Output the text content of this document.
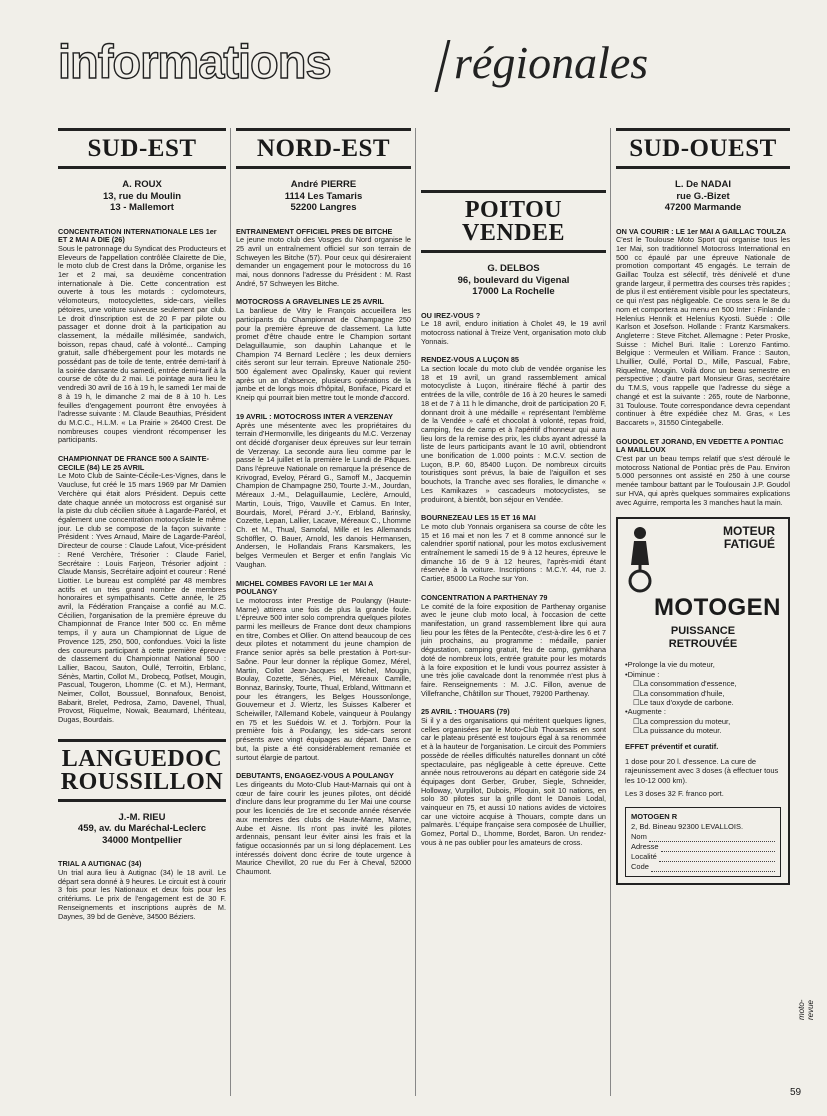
informations	régionales
SUD-EST
A. ROUX
13, rue du Moulin
13 - Mallemort
CONCENTRATION INTERNATIONALE LES 1er ET 2 MAI A DIE (26)
Sous le patronnage du Syndicat des Producteurs et Eleveurs de l'appellation contrôlée Clairette de Die, le moto club de Crest dans la Drôme, organise les 1er et 2 mai, sa deuxième concentration internationale à Die. Cette concentration est ouverte à tous les motards : cyclomoteurs, vélomoteurs, motocyclettes, side-cars, vieilles pétoires, une voiture suiveuse seulement par club. Le droit d'inscription est de 20 F par pilote ou passager et donne droit à la participation au classement, la médaille millésimée, sandwich, boisson, repas chaud, café à volonté... Camping gratuit, salle d'hébergement pour les motards ne possédant pas de toile de tente, entrée demi-tarif à la soirée dansante du samedi, entrée demi-tarif à la course de côte du 2 mai. Le pointage aura lieu le vendredi 30 avril de 16 à 19 h, le samedi 1er mai de 8 à 19 h, le dimanche 2 mai de 8 à 10 h. Les feuilles d'engagement pourront être envoyées à l'adresse suivante : M. Claude Beauthias, Président du M.C.C., H.L.M. « La Prairie » 26400 Crest. De nombreuses coupes viendront récompenser les participants.
CHAMPIONNAT DE FRANCE 500 A SAINTE-CECILE (84) LE 25 AVRIL
Le Moto Club de Sainte-Cécile-Les-Vignes, dans le Vaucluse, fut créé le 15 mars 1969 par Mr Damien Verchère qui était alors Président. Depuis cette date chaque année un motocross est organisé sur la piste du club cécilien située à Lagarde-Paréol, et également une concentration motocycliste le même jour. Le club se compose de la façon suivante : Président : Yves Arnaud, Maire de Lagarde-Paréol, Directeur de course : Claude Lafout, Vice-président : René Verchère, Trésorier : Claude Fariel, Secrétaire : Louis Farjeon, Trésorier adjoint : Claude Mansis, Secrétaire adjoint et coureur : René Liottier. Le bureau est complété par 48 membres actifs et un très grand nombre de membres honoraires et sympathisants. Cette année, le 25 avril, la Fédération Française a confié au M.C. Cécilien, l'organisation de la première épreuve du Championnat de France Inter 500 cc. En même temps, il y aura un Championnat de Ligue de Provence 125, 250, 500, confondues. Voici la liste des coureurs participant à cette première épreuve de classement du Championnat National 500 : Lallier, Bacou, Sauton, Oullé, Terroitin, Erblanc, Sénès, Martin, Collot M., Drobecq, Potlset, Mougin, Pascual, Tougeron, Lhomme (C. et M.), Hermant, Neimer, Collot, Boussuel, Bonnafoux, Benoist, Babarit, Brelet, Pedrosa, Zamo, Davenel, Thual, Provost, Riquelme, Nowak, Beaumard, Lhériteau, Dugas, Bourdais.
LANGUEDOC ROUSSILLON
J.-M. RIEU
459, av. du Maréchal-Leclerc
34000 Montpellier
TRIAL A AUTIGNAC (34)
Un trial aura lieu à Autignac (34) le 18 avril. Le départ sera donné à 9 heures. Le circuit est à courir 3 fois pour les Nationaux et deux fois pour les critériums. Le prix de l'engagement est de 30 F. Renseignements et inscriptions auprès de M. Daynes, 39 bd de Genève, 34500 Béziers.
NORD-EST
André PIERRE
1114 Les Tamaris
52200 Langres
ENTRAINEMENT OFFICIEL PRES DE BITCHE
Le jeune moto club des Vosges du Nord organise le 25 avril un entraînement officiel sur son terrain de Schweyen les Bitche (57). Pour ceux qui désireraient demander un engagement pour le motocross du 16 mai, nous donnons l'adresse du Président : M. Rast André, 57 Schweyen les Bitche.
MOTOCROSS A GRAVELINES LE 25 AVRIL
La banlieue de Vitry le François accueillera les participants du Championnat de Champagne 250 pour la première épreuve de classement. La lutte promet d'être chaude entre le Champion sortant Delaguillaumie, son dauphin Lahanque et le Champion 74 Bernard Leclère ; les deux derniers cités seront sur leur terrain. Epreuve Nationale 250-500 également avec Opalinsky, Kauer qui revient après un an d'absence, plusieurs opérations de la jambe et de longs mois d'hôpital, Boniface, Picard et Kneip qui pourrait bien mettre tout le monde d'accord.
19 AVRIL : MOTOCROSS INTER A VERZENAY
Après une mésentente avec les propriétaires du terrain d'Hermonville, les dirigeants du M.C. Verzenay ont décidé d'organiser deux épreuves sur leur terrain de Verzenay. La seconde aura lieu comme par le passé le 14 juillet et la première le Lundi de Pâques. Dans l'épreuve Nationale on remarque la présence de Krivograd, Eveloy, Pérard G., Samoff M., Jacquemin Champion de Champagne 250, Tourte J.-M., Jourdan, Méreaux J.-M., Delaguillaumie, Leclère, Arnould, Martin, Louis, Trigo, Vauville et Camus. En Inter, Bourdais, Morel, Pérard J.-Y., Erbland, Barinsky, Cozette, Lepan, Lallier, Lacave, Méreaux C., Lhomme Ch. et M., Thual, Samofal, Mille et les Allemands Schöffler, O. Bauer, Arnold, les danois Hermansen, Andersen, le Hollandais Frans Karsmakers, les belges Vermeulen et Berger et enfin l'anglais Vic Vaughan.
MICHEL COMBES FAVORI LE 1er MAI A POULANGY
Le motocross inter Prestige de Poulangy (Haute-Marne) attirera une fois de plus la grande foule. L'épreuve 500 inter solo comprendra quelques pilotes parmi les meilleurs de France dont deux champions en titre, Combes et Ollier. On attend beaucoup de ces deux pilotes et notamment du jeune champion de France senior après sa belle prestation à Port-sur-Saône. Pour leur donner la réplique Gomez, Mérel, Martin, Collot Jean-Jacques et Michel, Mougin, Boulay, Cozette, Sénès, Piel, Méreaux Camille, Bonnaz, Barinsky, Tourte, Thual, Erbland, Wittmann et pour les étrangers, les Belges Houssonlonge, Gouverneur et J. Wiertz, les Suisses Kalberer et Scheiwiller, l'Allemand Kobele, vainqueur à Poulangy en 75 et les Suédois W. et J. Torbjörn. Pour la première fois à Poulangy, les side-cars seront présents avec vingt équipages au départ. Dans ce but, la piste a été considérablement remaniée et surtout élargie de partout.
DEBUTANTS, ENGAGEZ-VOUS A POULANGY
Les dirigeants du Moto-Club Haut-Marnais qui ont à cœur de faire courir les jeunes pilotes, ont décidé d'inclure dans leur programme du 1er Mai une course pour les licenciés de 1re et seconde année réservée aux membres des clubs de Haute-Marne, Marne, Aube et Aisne. Ils n'ont pas invité les pilotes ardennais, pensant leur éviter ainsi les frais et la fatigue occasionnés par un si long déplacement. Les intéressés doivent donc écrire de toute urgence à Maurice Chevillot, 20 rue du Fer à Cheval, 52000 Chaumont.
POITOU VENDEE
G. DELBOS
96, boulevard du Vigenal
17000 La Rochelle
OU IREZ-VOUS ?
Le 18 avril, enduro initiation à Cholet 49, le 19 avril motocross national à Treize Vent, organisation moto club Yonnais.
RENDEZ-VOUS A LUÇON 85
La section locale du moto club de vendée organise les 18 et 19 avril, un grand rassemblement amical motocycliste à Luçon, itinéraire fléché à partir des entrées de la ville, contrôle de 16 à 20 heures le samedi 18 et de 7 à 11 h le dimanche, droit de participation 20 F, donnant droit à une médaille « représentant l'emblème de la Vendée » café et chocolat à volonté, repas froid, camping, feu de camp et à l'apéritif d'honneur qui aura lieu lors de la remise des prix, les clubs ayant adressé la liste de leurs participants avant le 10 avril, obtiendront une bonification de 1.000 points : M.C.V. section de Luçon, B.P. 60, 85400 Luçon. De nombreux circuits touristiques sont prévus, la baie de l'aiguillon et ses bouchots, la Tranche avec ses floralies, le dimanche « Les Kamikazes » cascadeurs motocyclistes, se produiront, à bientôt, bon séjour en Vendée.
BOURNEZEAU LES 15 ET 16 MAI
Le moto club Yonnais organisera sa course de côte les 15 et 16 mai et non les 7 et 8 comme annoncé sur le calendrier sportif national, pour les motos exclusivement entraînement le samedi 15 de 9 à 12 heures, épreuve le dimanche 16 de 9 à 12 heures, l'après-midi étant réservée à la voiture. Inscriptions : M.C.Y. 44, rue J. Cartier, 85000 La Roche sur Yon.
CONCENTRATION A PARTHENAY 79
Le comité de la foire exposition de Parthenay organise avec le jeune club moto local, à l'occasion de cette manifestation, un grand rassemblement libre qui aura lieu pour les fêtes de la Pentecôte, c'est-à-dire les 6 et 7 juin prochains, au programme : médaille, panier dégustation, camping gratuit, feu de camp, gymkhana doté de nombreux lots, entrée gratuite pour les motards à la foire exposition et le lundi vous pourrez assister à une très jolie cavalcade dont la renommée n'est plus à faire. Renseignements : M. J.C. Fillon, avenue de Villefranche, Châtillon sur Thouet, 79200 Parthenay.
25 AVRIL : THOUARS (79)
Si il y a des organisations qui méritent quelques lignes, celles organisées par le Moto-Club Thouarsais en sont car le plateau présenté est toujours égal à sa renommée et à la hauteur de l'organisation. Le circuit des Pommiers possède de réelles difficultés naturelles donnant un côté spectaculaire, pas négligeable à cette épreuve. Cette année nous retrouverons au départ en catégorie side 24 équipages dont Gerber, Gruber, Siegle, Schneider, Holloway, Vurpillot, Dubois, Ploquin, soit 10 nations, en solo 30 pilotes sur la grille dont le Danois Lodal, vainqueur en 75, et aussi 10 nations avides de victoires car une victoire acquise à Thouars, compte dans un palmarès. L'équipe française sera composée de Lhuillier, Gomez, Portal D., Lhomme, Bordet, Baron. Un rendez-vous à ne pas oublier pour les amateurs de cross.
SUD-OUEST
L. De NADAI
rue G.-Bizet
47200 Marmande
ON VA COURIR : LE 1er MAI A GAILLAC TOULZA
C'est le Toulouse Moto Sport qui organise tous les 1er Mai, son traditionnel Motocross International en 500 cc épaulé par une épreuve Nationale de promotion comportant 45 engagés. Le terrain de Gaillac Toulza est sélectif, très dénivelé et d'une grande largeur, il permettra des courses très rapides ; de plus il est entièrement visible pour les spectateurs, ce qui n'est pas négligeable. Ce cross sera le 8e du nom et comportera au menu en 500 Inter : Finlande : Heleníus Hennik et Heleníus Kyosti. Suède : Olle Karlson et Josefson. Hollande : Frantz Karsmakers. Angleterre : Steve Fitchet. Allemagne : Peter Proske, Suisse : Michel Buri. Italie : Lorenzo Fantimo. Belgique : Vermeulen et William. France : Sauton, Lhuillier, Oullé, Portal D., Mille, Pascual, Fabre, Riquelme, Mougin. Voilà donc un beau semestre en perspective ; d'autre part Monsieur Gras, secrétaire du T.M.S, vous rappelle que l'adresse du siège a changé et est la suivante : 265, route de Narbonne, 31 Toulouse. Toute correspondance devra cependant continuer à être expédiée chez M. Gras, « Les Baccarets », 31550 Cintegabelle.
GOUDOL ET JORAND, EN VEDETTE A PONTIAC LA MAILLOUX
C'est par un beau temps relatif que s'est déroulé le motocross National de Pontiac près de Pau. Environ 5.000 personnes ont assisté en 250 à une course menée tambour battant par le Toulousain J.P. Goudol sur HVA, qui après quelques sommaires explications avec Aguirre, remporta les 3 manches haut la main.
MOTEUR
FATIGUÉ
MOTOGEN
PUISSANCE
RETROUVÉE
• Prolonge la vie du moteur,
• Diminue :
☐ La consommation d'essence,
☐ La consommation d'huile,
☐ Le taux d'oxyde de carbone.
• Augmente :
☐ La compression du moteur,
☐ La puissance du moteur.
EFFET préventif et curatif.
1 dose pour 20 l. d'essence. La cure de rajeunissement avec 3 doses (à effectuer tous les 10-12 000 km).
Les 3 doses 32 F. franco port.
MOTOGEN R
2, Bd. Bineau 92300 LEVALLOIS.
Nom
Adresse
Localité
Code
moto-revue
59
